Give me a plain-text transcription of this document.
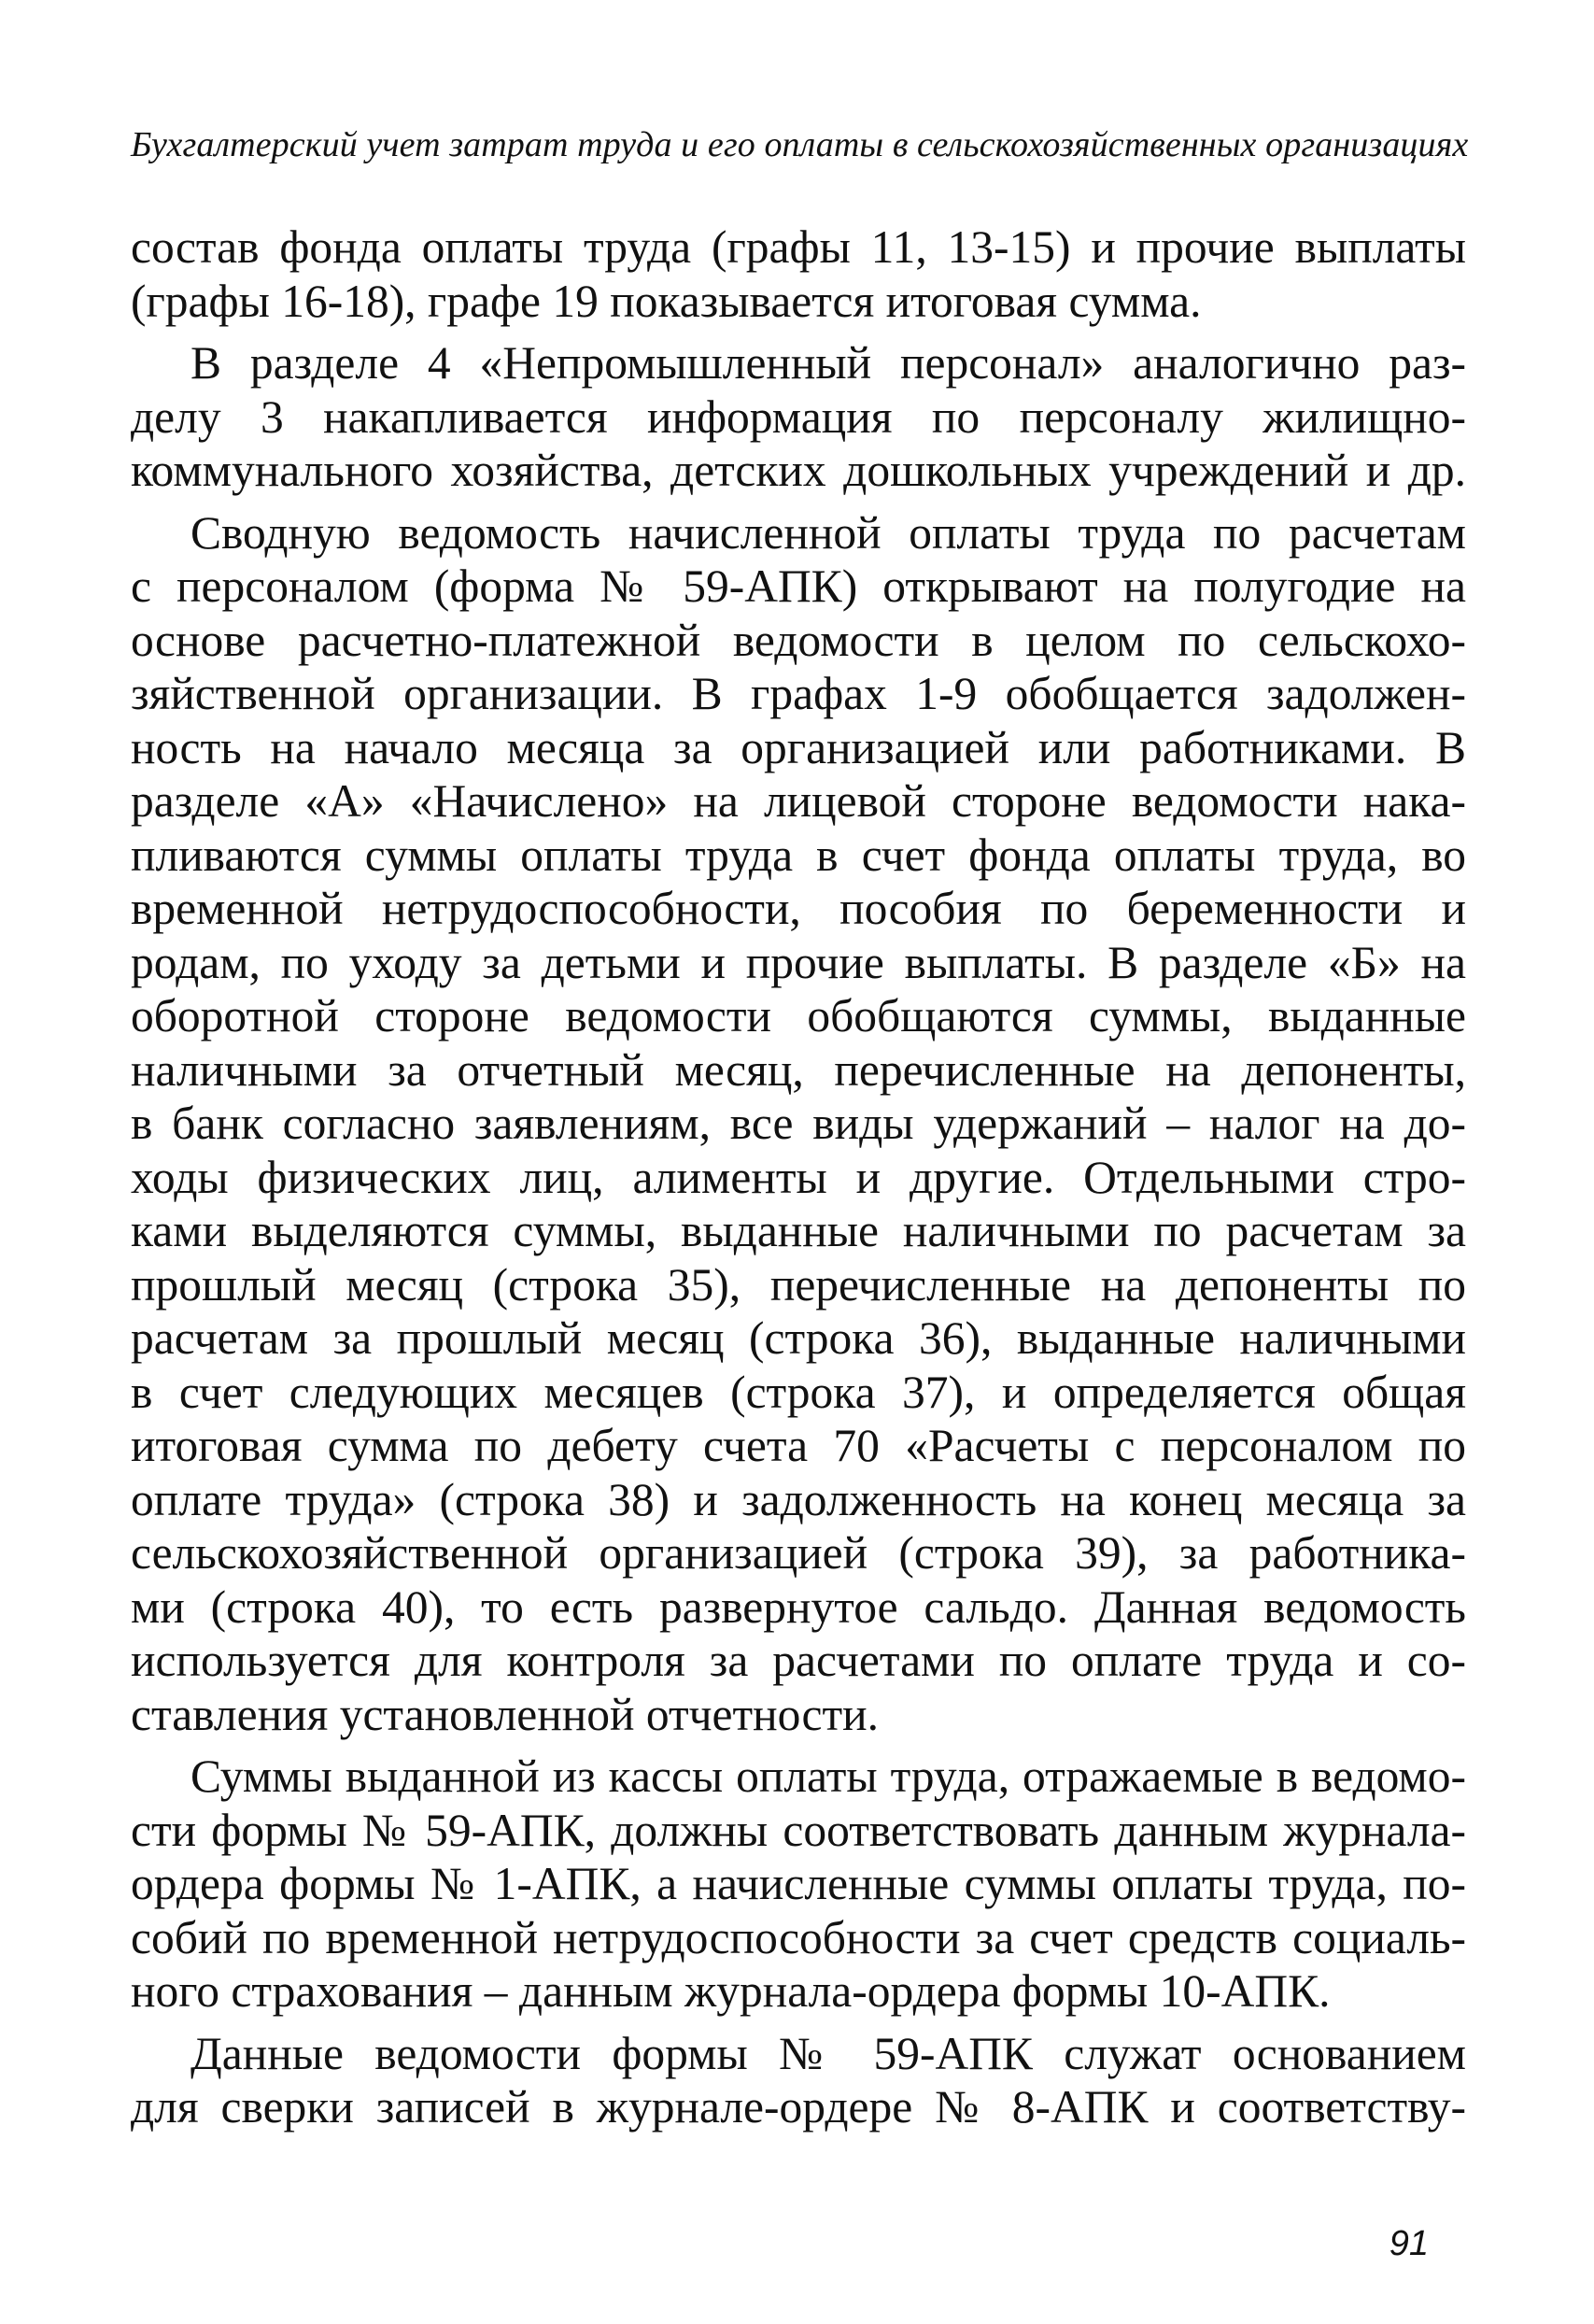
Бухгалтерский учет затрат труда и его оплаты в сельскохозяйственных организациях

состав фонда оплаты труда (графы 11, 13-15) и прочие выплаты
(графы 16-18), графе 19 показывается итоговая сумма.

В разделе 4 «Непромышленный персонал» аналогично раз-
делу 3 накапливается информация по персоналу жилищно-
коммунального хозяйства, детских дошкольных учреждений и др.

Сводную ведомость начисленной оплаты труда по расчетам
с персоналом (форма № 59-АПК) открывают на полугодие на
основе расчетно-платежной ведомости в целом по сельскохо-
зяйственной организации. В графах 1-9 обобщается задолжен-
ность на начало месяца за организацией или работниками. В
разделе «А» «Начислено» на лицевой стороне ведомости нака-
пливаются суммы оплаты труда в счет фонда оплаты труда, во
временной нетрудоспособности, пособия по беременности и
родам, по уходу за детьми и прочие выплаты. В разделе «Б» на
оборотной стороне ведомости обобщаются суммы, выданные
наличными за отчетный месяц, перечисленные на депоненты,
в банк согласно заявлениям, все виды удержаний – налог на до-
ходы физических лиц, алименты и другие. Отдельными стро-
ками выделяются суммы, выданные наличными по расчетам за
прошлый месяц (строка 35), перечисленные на депоненты по
расчетам за прошлый месяц (строка 36), выданные наличными
в счет следующих месяцев (строка 37), и определяется общая
итоговая сумма по дебету счета 70 «Расчеты с персоналом по
оплате труда» (строка 38) и задолженность на конец месяца за
сельскохозяйственной организацией (строка 39), за работника-
ми (строка 40), то есть развернутое сальдо. Данная ведомость
используется для контроля за расчетами по оплате труда и со-
ставления установленной отчетности.

Суммы выданной из кассы оплаты труда, отражаемые в ведомо-
сти формы № 59-АПК, должны соответствовать данным журнала-
ордера формы № 1-АПК, а начисленные суммы оплаты труда, по-
собий по временной нетрудоспособности за счет средств социаль-
ного страхования – данным журнала-ордера формы 10-АПК.

Данные ведомости формы № 59-АПК служат основанием
для сверки записей в журнале-ордере № 8-АПК и соответству-

91
